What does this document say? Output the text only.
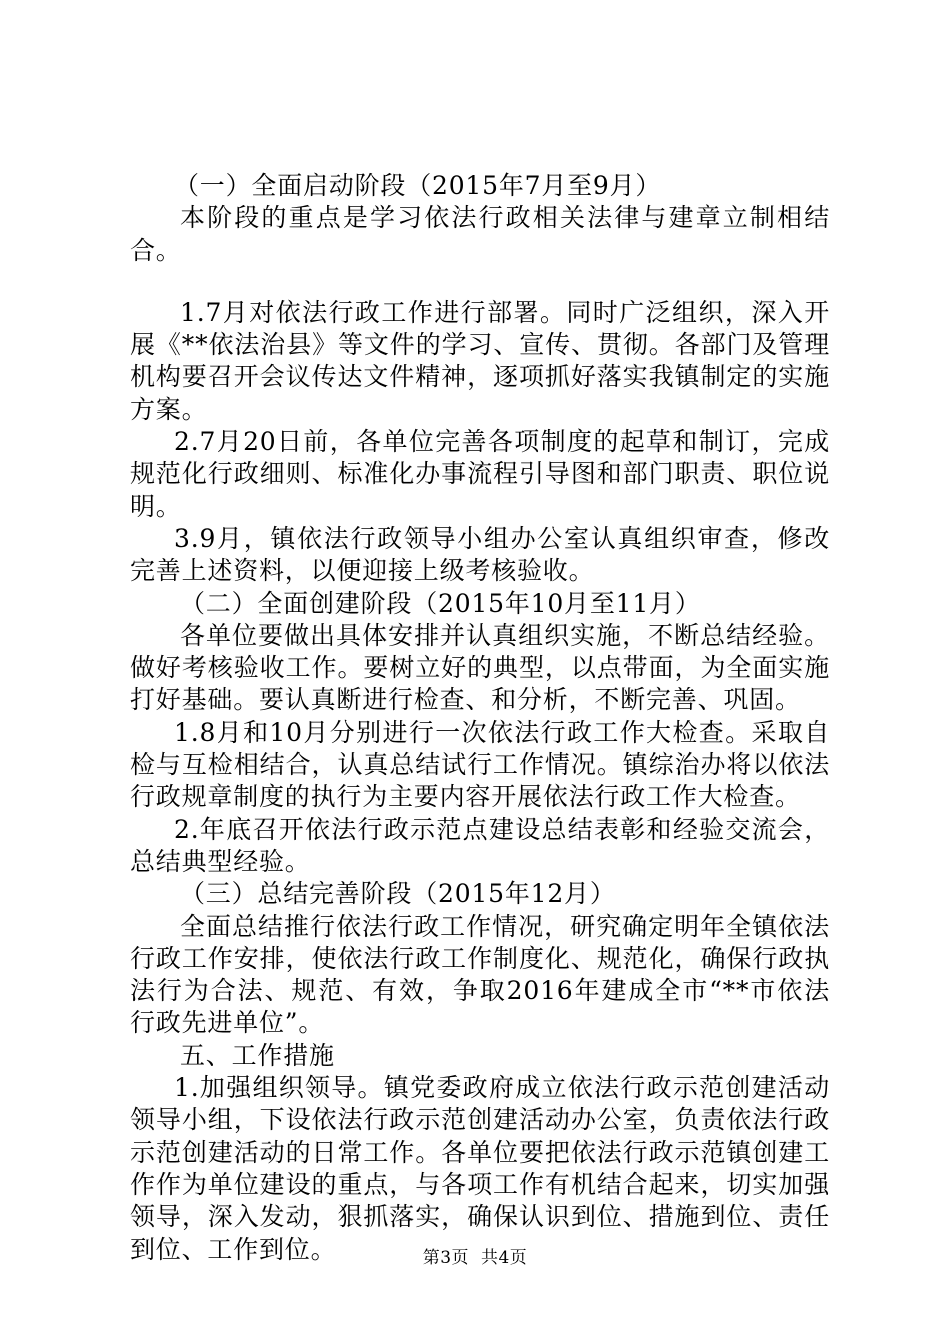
（一）全面启动阶段（2015年7月至9月）

本阶段的重点是学习依法行政相关法律与建章立制相结合。

1.7月对依法行政工作进行部署。同时广泛组织，深入开展《**依法治县》等文件的学习、宣传、贯彻。各部门及管理机构要召开会议传达文件精神，逐项抓好落实我镇制定的实施方案。

2.7月20日前，各单位完善各项制度的起草和制订，完成规范化行政细则、标准化办事流程引导图和部门职责、职位说明。

3.9月，镇依法行政领导小组办公室认真组织审查，修改完善上述资料，以便迎接上级考核验收。

（二）全面创建阶段（2015年10月至11月）

各单位要做出具体安排并认真组织实施，不断总结经验。做好考核验收工作。要树立好的典型，以点带面，为全面实施打好基础。要认真断进行检查、和分析，不断完善、巩固。

1.8月和10月分别进行一次依法行政工作大检查。采取自检与互检相结合，认真总结试行工作情况。镇综治办将以依法行政规章制度的执行为主要内容开展依法行政工作大检查。

2.年底召开依法行政示范点建设总结表彰和经验交流会，总结典型经验。

（三）总结完善阶段（2015年12月）

全面总结推行依法行政工作情况，研究确定明年全镇依法行政工作安排，使依法行政工作制度化、规范化，确保行政执法行为合法、规范、有效，争取2016年建成全市“**市依法行政先进单位”。

五、工作措施

1.加强组织领导。镇党委政府成立依法行政示范创建活动领导小组，下设依法行政示范创建活动办公室，负责依法行政示范创建活动的日常工作。各单位要把依法行政示范镇创建工作作为单位建设的重点，与各项工作有机结合起来，切实加强领导，深入发动，狠抓落实，确保认识到位、措施到位、责任到位、工作到位。	第3页 共4页
